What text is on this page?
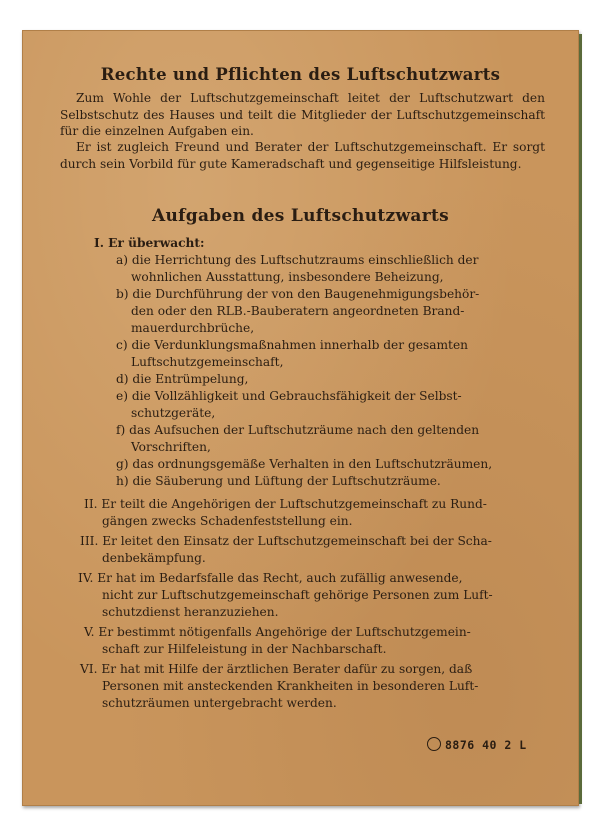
Rechte und Pflichten des Luftschutzwarts

Zum Wohle der Luftschutzgemeinschaft leitet der Luftschutzwart den Selbstschutz des Hauses und teilt die Mitglieder der Luftschutzgemeinschaft für die einzelnen Aufgaben ein.

Er ist zugleich Freund und Berater der Luftschutzgemeinschaft. Er sorgt durch sein Vorbild für gute Kameradschaft und gegenseitige Hilfsleistung.

Aufgaben des Luftschutzwarts
I. Er überwacht:
a) die Herrichtung des Luftschutzraums einschließlich der
wohnlichen Ausstattung, insbesondere Beheizung,
b) die Durchführung der von den Baugenehmigungsbehör-
den oder den RLB.-Bauberatern angeordneten Brand-
mauerdurchbrüche,
c) die Verdunklungsmaßnahmen innerhalb der gesamten
Luftschutzgemeinschaft,
d) die Entrümpelung,
e) die Vollzähligkeit und Gebrauchsfähigkeit der Selbst-
schutzgeräte,
f) das Aufsuchen der Luftschutzräume nach den geltenden
Vorschriften,
g) das ordnungsgemäße Verhalten in den Luftschutzräumen,
h) die Säuberung und Lüftung der Luftschutzräume.
II. Er teilt die Angehörigen der Luftschutzgemeinschaft zu Rund-
gängen zwecks Schadenfeststellung ein.
III. Er leitet den Einsatz der Luftschutzgemeinschaft bei der Scha-
denbekämpfung.
IV. Er hat im Bedarfsfalle das Recht, auch zufällig anwesende,
nicht zur Luftschutzgemeinschaft gehörige Personen zum Luft-
schutzdienst heranzuziehen.
V. Er bestimmt nötigenfalls Angehörige der Luftschutzgemein-
schaft zur Hilfeleistung in der Nachbarschaft.
VI. Er hat mit Hilfe der ärztlichen Berater dafür zu sorgen, daß
Personen mit ansteckenden Krankheiten in besonderen Luft-
schutzräumen untergebracht werden.
8876 40 2 L
